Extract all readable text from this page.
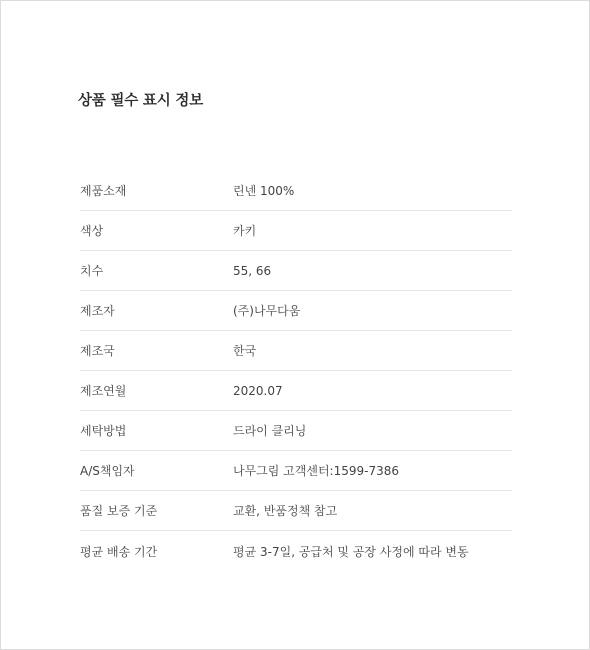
상품 필수 표시 정보
제품소재	린넨 100%
색상	카키
치수	55, 66
제조자	(주)나무다움
제조국	한국
제조연월	2020.07
세탁방법	드라이 클리닝
A/S책임자	나무그림 고객센터:1599-7386
품질 보증 기준	교환, 반품정책 참고
평균 배송 기간	평균 3-7일, 공급처 및 공장 사정에 따라 변동
